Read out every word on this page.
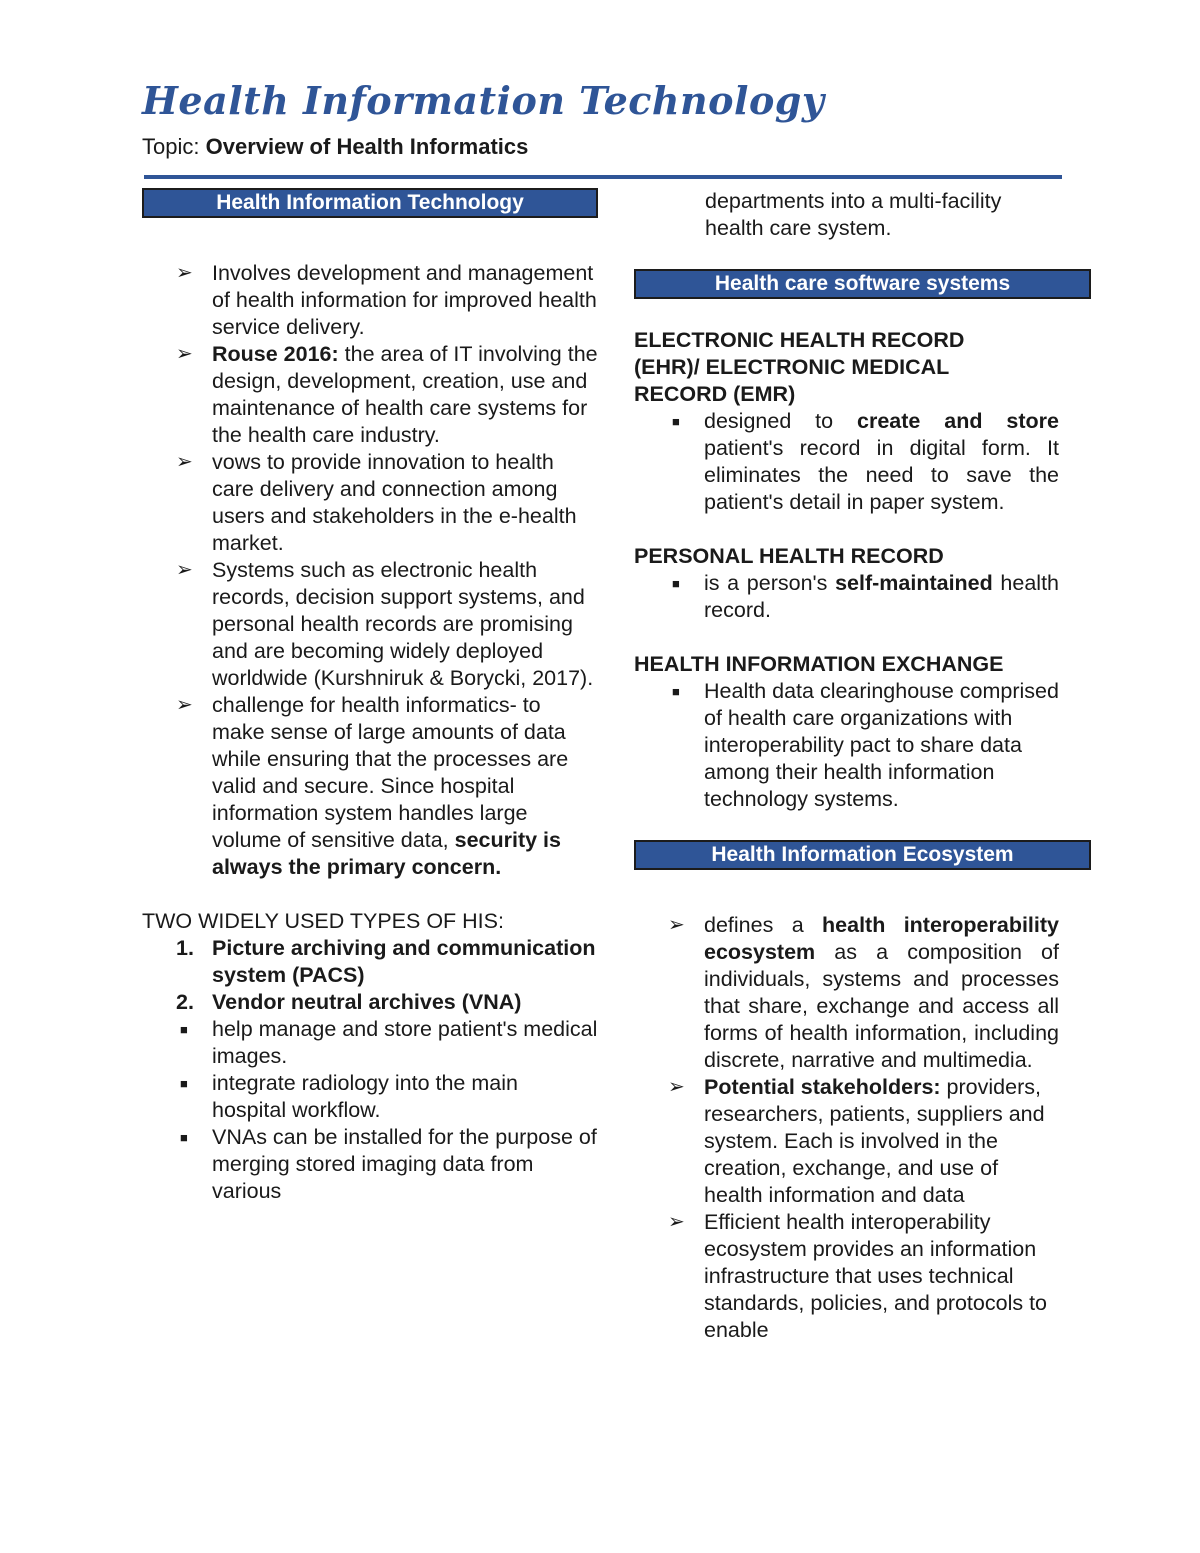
Health Information Technology
Topic: Overview of Health Informatics
Health Information Technology
➢ Involves development and management of health information for improved health service delivery.
➢ Rouse 2016: the area of IT involving the design, development, creation, use and maintenance of health care systems for the health care industry.
➢ vows to provide innovation to health care delivery and connection among users and stakeholders in the e-health market.
➢ Systems such as electronic health records, decision support systems, and personal health records are promising and are becoming widely deployed worldwide (Kurshniruk & Borycki, 2017).
➢ challenge for health informatics- to make sense of large amounts of data while ensuring that the processes are valid and secure. Since hospital information system handles large volume of sensitive data, security is always the primary concern.
TWO WIDELY USED TYPES OF HIS:
1. Picture archiving and communication system (PACS)
2. Vendor neutral archives (VNA)
■ help manage and store patient's medical images.
■ integrate radiology into the main hospital workflow.
■ VNAs can be installed for the purpose of merging stored imaging data from various
departments into a multi-facility health care system.
Health care software systems
ELECTRONIC HEALTH RECORD (EHR)/ ELECTRONIC MEDICAL RECORD (EMR)
■ designed to create and store patient's record in digital form. It eliminates the need to save the patient's detail in paper system.
PERSONAL HEALTH RECORD
■ is a person's self-maintained health record.
HEALTH INFORMATION EXCHANGE
■ Health data clearinghouse comprised of health care organizations with interoperability pact to share data among their health information technology systems.
Health Information Ecosystem
➢ defines a health interoperability ecosystem as a composition of individuals, systems and processes that share, exchange and access all forms of health information, including discrete, narrative and multimedia.
➢ Potential stakeholders: providers, researchers, patients, suppliers and system. Each is involved in the creation, exchange, and use of health information and data
➢ Efficient health interoperability ecosystem provides an information infrastructure that uses technical standards, policies, and protocols to enable
